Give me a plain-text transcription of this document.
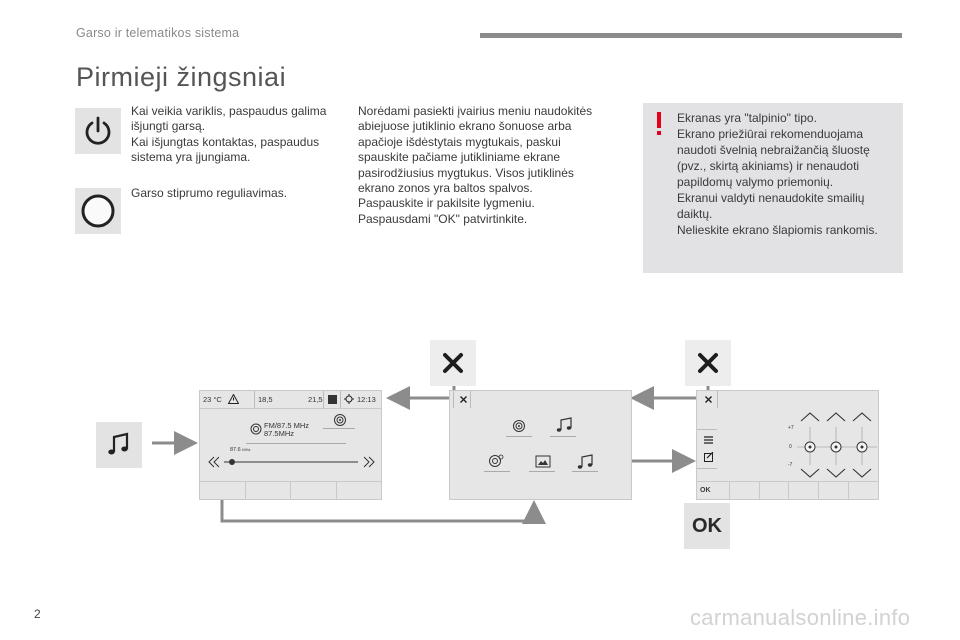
Garso ir telematikos sistema
Pirmieji žingsniai

Kai veikia variklis, paspaudus galima

išjungti garsą.

Kai išjungtas kontaktas, paspaudus

sistema yra įjungiama.

Garso stiprumo reguliavimas.

Norėdami pasiekti įvairius meniu naudokitės

abiejuose jutiklinio ekrano šonuose arba

apačioje išdėstytais mygtukais, paskui

spauskite pačiame jutikliniame ekrane

pasirodžiusius mygtukus. Visos jutiklinės

ekrano zonos yra baltos spalvos.

Paspauskite ir pakilsite lygmeniu.

Paspausdami "OK" patvirtinkite.

Ekranas yra "talpinio" tipo.

Ekrano priežiūrai rekomenduojama

naudoti švelnią nebraižančią šluostę

(pvz., skirtą akiniams) ir nenaudoti

papildomų valymo priemonių.

Ekranui valdyti nenaudokite smailių

daiktų.

Nelieskite ekrano šlapiomis rankomis.

23 °C	18,5	21,5	12:13
FM/87.5 MHz
87.5MHz
87.6 MHz
+7
0
-7
OK
OK
2	carmanualsonline.info
